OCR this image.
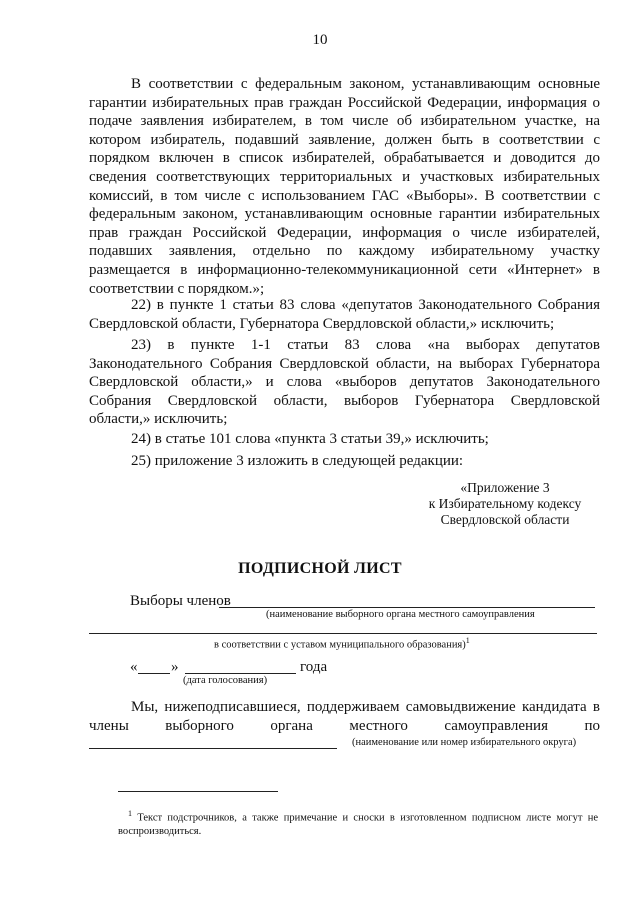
10

В соответствии с федеральным законом, устанавливающим основные гарантии избирательных прав граждан Российской Федерации, информация о подаче заявления избирателем, в том числе об избирательном участке, на котором избиратель, подавший заявление, должен быть в соответствии с порядком включен в список избирателей, обрабатывается и доводится до сведения соответствующих территориальных и участковых избирательных комиссий, в том числе с использованием ГАС «Выборы». В соответствии с федеральным законом, устанавливающим основные гарантии избирательных прав граждан Российской Федерации, информация о числе избирателей, подавших заявления, отдельно по каждому избирательному участку размещается в информационно-телекоммуникационной сети «Интернет» в соответствии с порядком.»;

22) в пункте 1 статьи 83 слова «депутатов Законодательного Собрания Свердловской области, Губернатора Свердловской области,» исключить;

23) в пункте 1-1 статьи 83 слова «на выборах депутатов Законодательного Собрания Свердловской области, на выборах Губернатора Свердловской области,» и слова «выборов депутатов Законодательного Собрания Свердловской области, выборов Губернатора Свердловской области,» исключить;

24) в статье 101 слова «пункта 3 статьи 39,» исключить;

25) приложение 3 изложить в следующей редакции:

«Приложение 3
к Избирательному кодексу
Свердловской области
ПОДПИСНОЙ ЛИСТ
Выборы членов
(наименование выборного органа местного самоуправления
в соответствии с уставом муниципального образования)$^1$
« »	года
(дата голосования)

Мы, нижеподписавшиеся, поддерживаем самовыдвижение кандидата в члены выборного органа местного самоуправления по

(наименование или номер избирательного округа)

$^1$ Текст подстрочников, а также примечание и сноски в изготовленном подписном листе могут не воспроизводиться.
